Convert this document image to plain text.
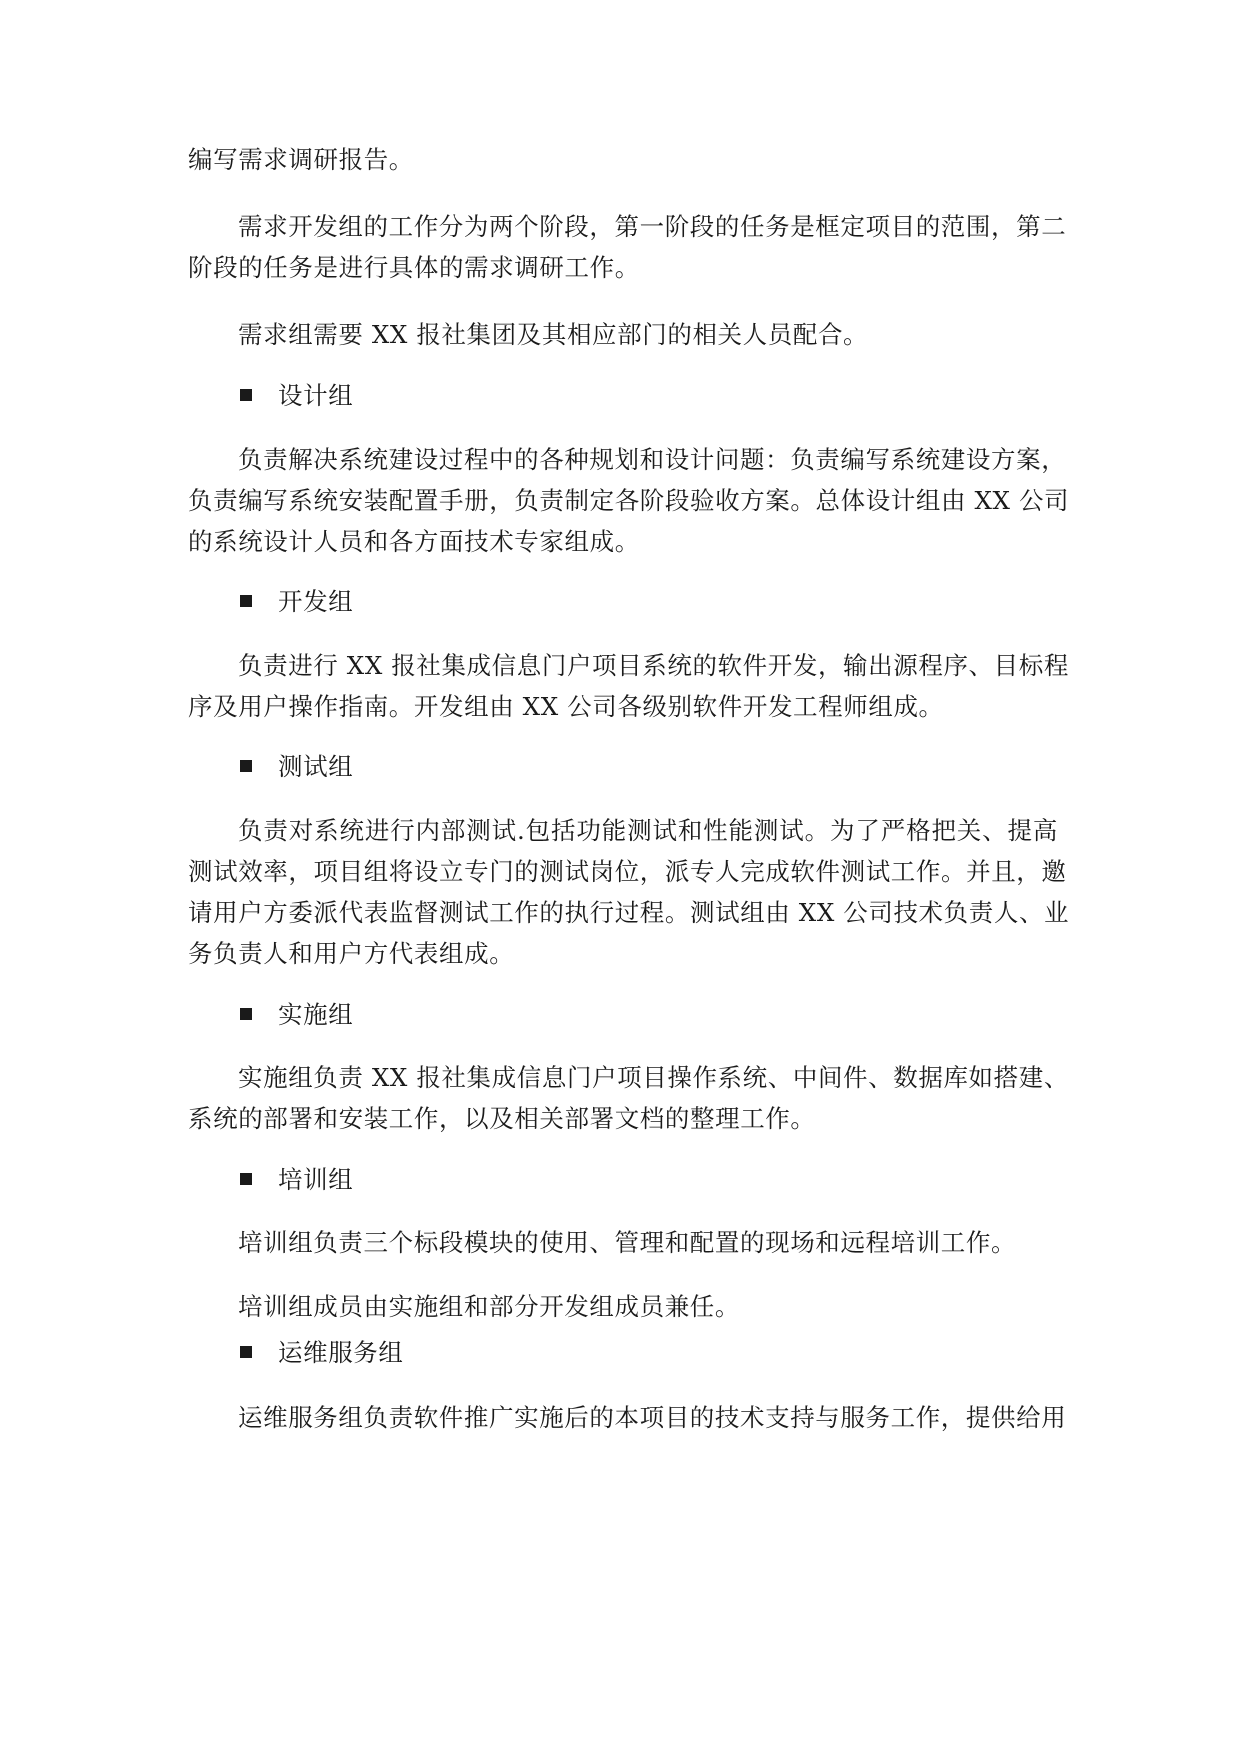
编写需求调研报告。
需求开发组的工作分为两个阶段，第一阶段的任务是框定项目的范围，第二
阶段的任务是进行具体的需求调研工作。
需求组需要 XX 报社集团及其相应部门的相关人员配合。
设计组
负责解决系统建设过程中的各种规划和设计问题：负责编写系统建设方案，
负责编写系统安装配置手册，负责制定各阶段验收方案。总体设计组由 XX 公司
的系统设计人员和各方面技术专家组成。
开发组
负责进行 XX 报社集成信息门户项目系统的软件开发，输出源程序、目标程
序及用户操作指南。开发组由 XX 公司各级别软件开发工程师组成。
测试组
负责对系统进行内部测试.包括功能测试和性能测试。为了严格把关、提高
测试效率，项目组将设立专门的测试岗位，派专人完成软件测试工作。并且，邀
请用户方委派代表监督测试工作的执行过程。测试组由 XX 公司技术负责人、业
务负责人和用户方代表组成。
实施组
实施组负责 XX 报社集成信息门户项目操作系统、中间件、数据库如搭建、
系统的部署和安装工作，以及相关部署文档的整理工作。
培训组
培训组负责三个标段模块的使用、管理和配置的现场和远程培训工作。
培训组成员由实施组和部分开发组成员兼任。
运维服务组
运维服务组负责软件推广实施后的本项目的技术支持与服务工作，提供给用
